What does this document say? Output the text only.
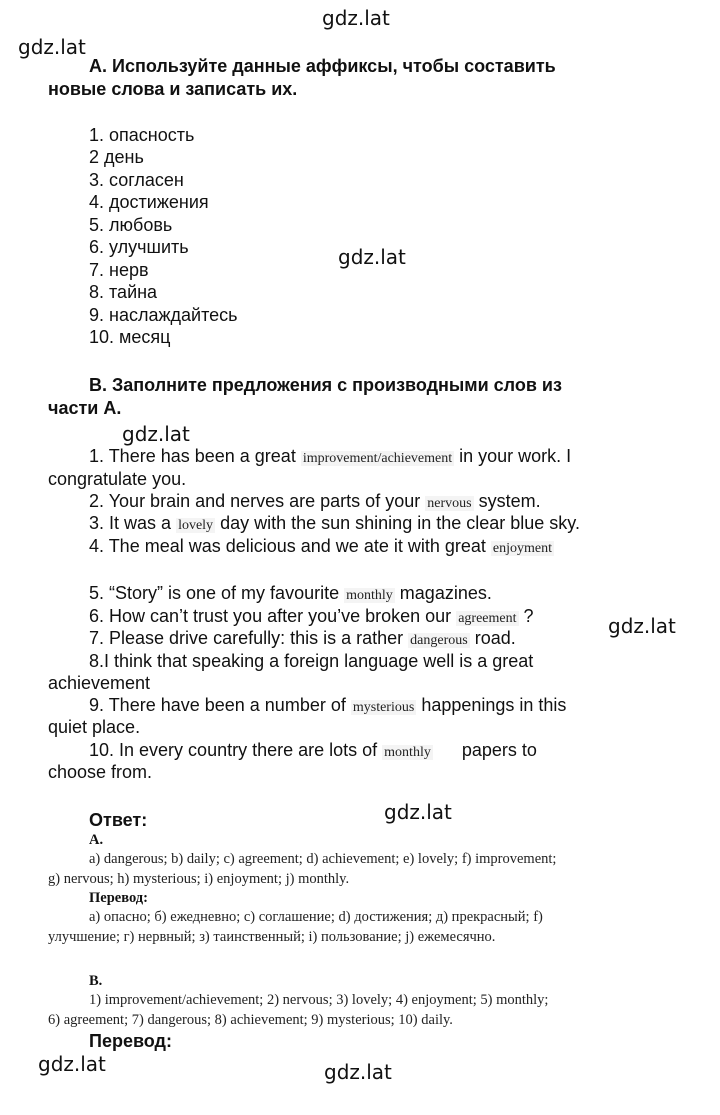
gdz.lat
gdz.lat
gdz.lat
gdz.lat
gdz.lat
gdz.lat
gdz.lat	gdz.lat
A. Используйте данные аффиксы, чтобы составить
новые слова и записать их.
1. опасность
2 день
3. согласен
4. достижения
5. любовь
6. улучшить
7. нерв
8. тайна
9. наслаждайтесь
10. месяц
B. Заполните предложения с производными слов из
части А.
1. There has been a great improvement/achievement in your work. I
congratulate you.
2. Your brain and nerves are parts of your nervous system.
3. It was a lovely day with the sun shining in the clear blue sky.
4. The meal was delicious and we ate it with great enjoyment
5. “Story” is one of my favourite monthly magazines.
6. How can’t trust you after you’ve broken our agreement ?
7. Please drive carefully: this is a rather dangerous road.
8.I think that speaking a foreign language well is a great
achievement
9. There have been a number of mysterious happenings in this
quiet place.
10. In every country there are lots of monthly papers to
choose from.
Ответ:
A.
a) dangerous; b) daily; c) agreement; d) achievement; e) lovely; f) improvement;
g) nervous; h) mysterious; i) enjoyment; j) monthly.
Перевод:
а) опасно; б) ежедневно; с) соглашение; d) достижения; д) прекрасный; f)
улучшение; г) нервный; з) таинственный; i) пользование; j) ежемесячно.
B.
1) improvement/achievement; 2) nervous; 3) lovely; 4) enjoyment; 5) monthly;
6) agreement; 7) dangerous; 8) achievement; 9) mysterious; 10) daily.
Перевод:
